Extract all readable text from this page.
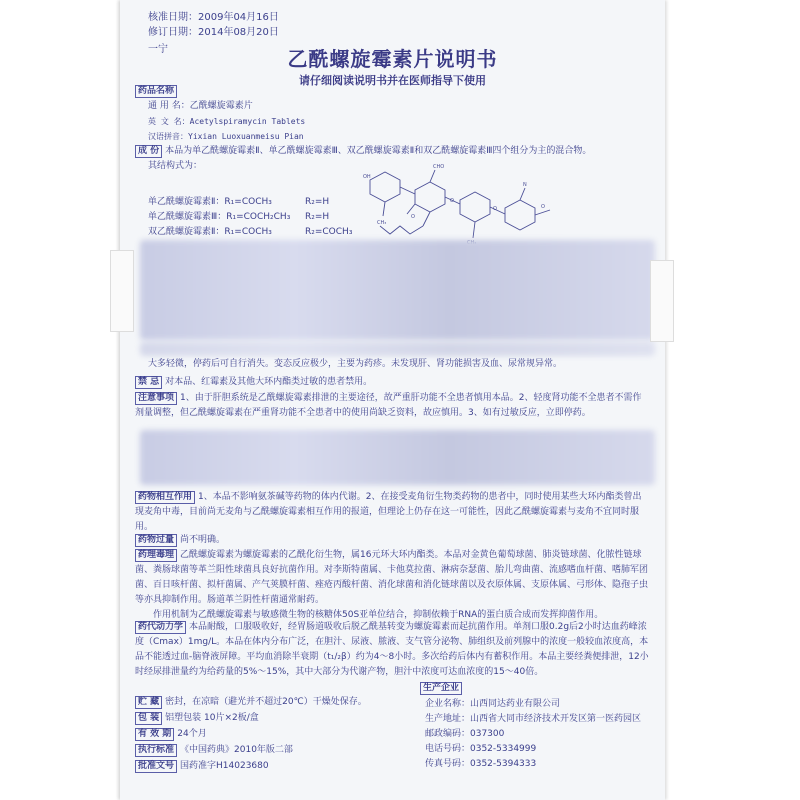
核准日期：2009年04月16日
修订日期：2014年08月20日
一宁	乙酰螺旋霉素片说明书
请仔细阅读说明书并在医师指导下使用
药品名称
通 用 名：乙酰螺旋霉素片
英 文 名：Acetylspiramycin Tablets
汉语拼音：Yixian Luoxuanmeisu Pian
成 份 本品为单乙酰螺旋霉素Ⅱ、单乙酰螺旋霉素Ⅲ、双乙酰螺旋霉素Ⅱ和双乙酰螺旋霉素Ⅲ四个组分为主的混合物。
其结构式为：
单乙酰螺旋霉素Ⅱ：R₁=COCH₃	R₂=H
单乙酰螺旋霉素Ⅲ：R₁=COCH₂CH₃ R₂=H
双乙酰螺旋霉素Ⅱ：R₁=COCH₃	R₂=COCH₃
OH
CHO
O
O
O
N
O
CH₃
大多轻微，停药后可自行消失。变态反应极少，主要为药疹。未发现肝、肾功能损害及血、尿常规异常。
禁 忌 对本品、红霉素及其他大环内酯类过敏的患者禁用。
注意事项 1、由于肝胆系统是乙酰螺旋霉素排泄的主要途径，故严重肝功能不全患者慎用本品。2、轻度肾功能不全患者不需作剂量调整，但乙酰螺旋霉素在严重肾功能不全患者中的使用尚缺乏资料，故应慎用。3、如有过敏反应，立即停药。
药物相互作用 1、本品不影响氨茶碱等药物的体内代谢。2、在接受麦角衍生物类药物的患者中，同时使用某些大环内酯类曾出现麦角中毒，目前尚无麦角与乙酰螺旋霉素相互作用的报道，但理论上仍存在这一可能性，因此乙酰螺旋霉素与麦角不宜同时服用。
药物过量 尚不明确。
药理毒理 乙酰螺旋霉素为螺旋霉素的乙酰化衍生物，属16元环大环内酯类。本品对金黄色葡萄球菌、肺炎链球菌、化脓性链球菌、粪肠球菌等革兰阳性球菌具良好抗菌作用。对李斯特菌属、卡他莫拉菌、淋病奈瑟菌、胎儿弯曲菌、流感嗜血杆菌、嗜肺军团菌、百日咳杆菌、拟杆菌属、产气荚膜杆菌、痤疮丙酸杆菌、消化球菌和消化链球菌以及衣原体属、支原体属、弓形体、隐孢子虫等亦具抑制作用。肠道革兰阴性杆菌通常耐药。
作用机制为乙酰螺旋霉素与敏感微生物的核糖体50S亚单位结合，抑制依赖于RNA的蛋白质合成而发挥抑菌作用。
药代动力学 本品耐酸，口服吸收好，经胃肠道吸收后脱乙酰基转变为螺旋霉素而起抗菌作用。单剂口服0.2g后2小时达血药峰浓度（Cmax）1mg/L。本品在体内分布广泛，在胆汁、尿液、脓液、支气管分泌物、肺组织及前列腺中的浓度一般较血浓度高，本品不能透过血-脑脊液屏障。平均血消除半衰期（t₁/₂β）约为4～8小时。多次给药后体内有蓄积作用。本品主要经粪便排泄，12小时经尿排泄量约为给药量的5%～15%，其中大部分为代谢产物，胆汁中浓度可达血浓度的15～40倍。
贮 藏 密封，在凉暗（避光并不超过20℃）干燥处保存。
包 装 铝塑包装 10片×2板/盒
有 效 期 24个月
执行标准 《中国药典》2010年版二部
批准文号 国药准字H14023680
生产企业
企业名称：山西同达药业有限公司
生产地址：山西省大同市经济技术开发区第一医药园区
邮政编码：037300
电话号码：0352-5334999
传真号码：0352-5394333
